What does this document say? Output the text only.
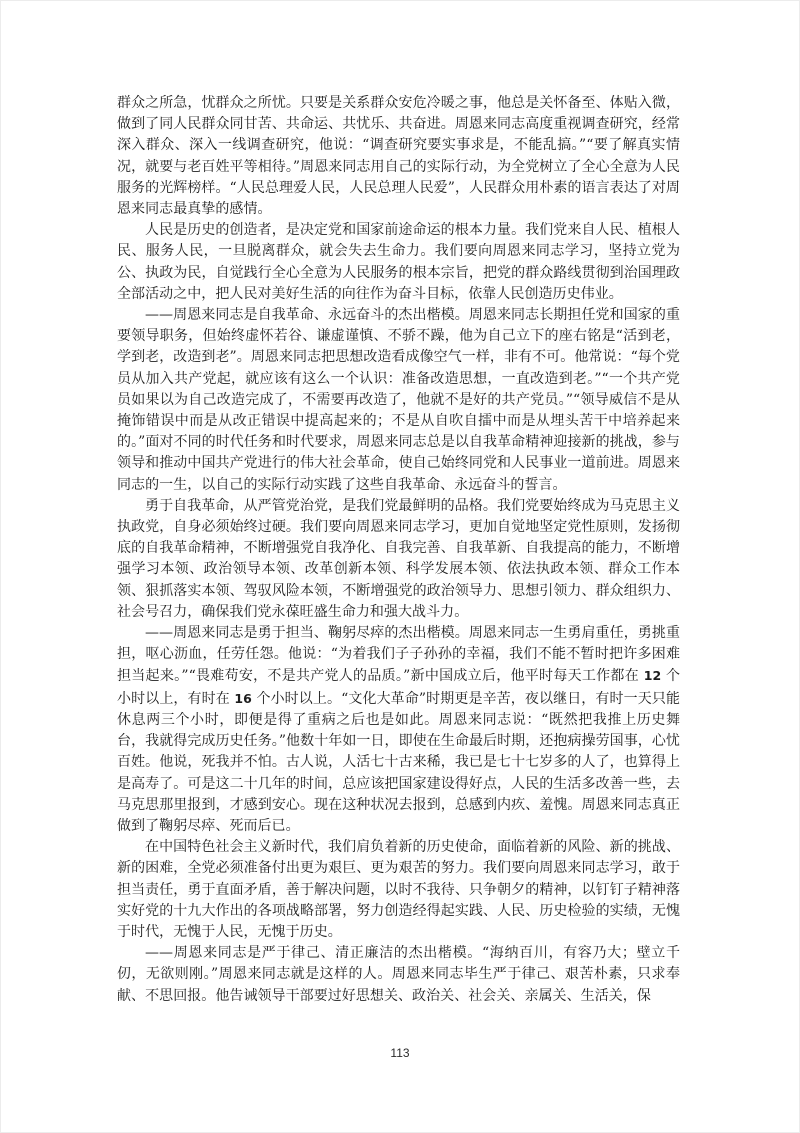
群众之所急，忧群众之所忧。只要是关系群众安危冷暖之事，他总是关怀备至、体贴入微，做到了同人民群众同甘苦、共命运、共忧乐、共奋进。周恩来同志高度重视调查研究，经常深入群众、深入一线调查研究，他说：“调查研究要实事求是，不能乱搞。”“要了解真实情况，就要与老百姓平等相待。”周恩来同志用自己的实际行动，为全党树立了全心全意为人民服务的光辉榜样。“人民总理爱人民，人民总理人民爱”，人民群众用朴素的语言表达了对周恩来同志最真挚的感情。

人民是历史的创造者，是决定党和国家前途命运的根本力量。我们党来自人民、植根人民、服务人民，一旦脱离群众，就会失去生命力。我们要向周恩来同志学习，坚持立党为公、执政为民，自觉践行全心全意为人民服务的根本宗旨，把党的群众路线贯彻到治国理政全部活动之中，把人民对美好生活的向往作为奋斗目标，依靠人民创造历史伟业。

——周恩来同志是自我革命、永远奋斗的杰出楷模。周恩来同志长期担任党和国家的重要领导职务，但始终虚怀若谷、谦虚谨慎、不骄不躁，他为自己立下的座右铭是“活到老，学到老，改造到老”。周恩来同志把思想改造看成像空气一样，非有不可。他常说：“每个党员从加入共产党起，就应该有这么一个认识：准备改造思想，一直改造到老。”“一个共产党员如果以为自己改造完成了，不需要再改造了，他就不是好的共产党员。”“领导威信不是从掩饰错误中而是从改正错误中提高起来的；不是从自吹自擂中而是从埋头苦干中培养起来的。”面对不同的时代任务和时代要求，周恩来同志总是以自我革命精神迎接新的挑战，参与领导和推动中国共产党进行的伟大社会革命，使自己始终同党和人民事业一道前进。周恩来同志的一生，以自己的实际行动实践了这些自我革命、永远奋斗的誓言。

勇于自我革命，从严管党治党，是我们党最鲜明的品格。我们党要始终成为马克思主义执政党，自身必须始终过硬。我们要向周恩来同志学习，更加自觉地坚定党性原则，发扬彻底的自我革命精神，不断增强党自我净化、自我完善、自我革新、自我提高的能力，不断增强学习本领、政治领导本领、改革创新本领、科学发展本领、依法执政本领、群众工作本领、狠抓落实本领、驾驭风险本领，不断增强党的政治领导力、思想引领力、群众组织力、社会号召力，确保我们党永葆旺盛生命力和强大战斗力。

——周恩来同志是勇于担当、鞠躬尽瘁的杰出楷模。周恩来同志一生勇肩重任，勇挑重担，呕心沥血，任劳任怨。他说：“为着我们子子孙孙的幸福，我们不能不暂时把许多困难担当起来。”“畏难苟安，不是共产党人的品质。”新中国成立后，他平时每天工作都在 12 个小时以上，有时在 16 个小时以上。“文化大革命”时期更是辛苦，夜以继日，有时一天只能休息两三个小时，即便是得了重病之后也是如此。周恩来同志说：“既然把我推上历史舞台，我就得完成历史任务。”他数十年如一日，即使在生命最后时期，还抱病操劳国事，心忧百姓。他说，死我并不怕。古人说，人活七十古来稀，我已是七十七岁多的人了，也算得上是高寿了。可是这二十几年的时间，总应该把国家建设得好点，人民的生活多改善一些，去马克思那里报到，才感到安心。现在这种状况去报到，总感到内疚、羞愧。周恩来同志真正做到了鞠躬尽瘁、死而后已。

在中国特色社会主义新时代，我们肩负着新的历史使命，面临着新的风险、新的挑战、新的困难，全党必须准备付出更为艰巨、更为艰苦的努力。我们要向周恩来同志学习，敢于担当责任，勇于直面矛盾，善于解决问题，以时不我待、只争朝夕的精神，以钉钉子精神落实好党的十九大作出的各项战略部署，努力创造经得起实践、人民、历史检验的实绩，无愧于时代，无愧于人民，无愧于历史。

——周恩来同志是严于律己、清正廉洁的杰出楷模。“海纳百川，有容乃大；壁立千仞，无欲则刚。”周恩来同志就是这样的人。周恩来同志毕生严于律己、艰苦朴素，只求奉献、不思回报。他告诫领导干部要过好思想关、政治关、社会关、亲属关、生活关，保

113
